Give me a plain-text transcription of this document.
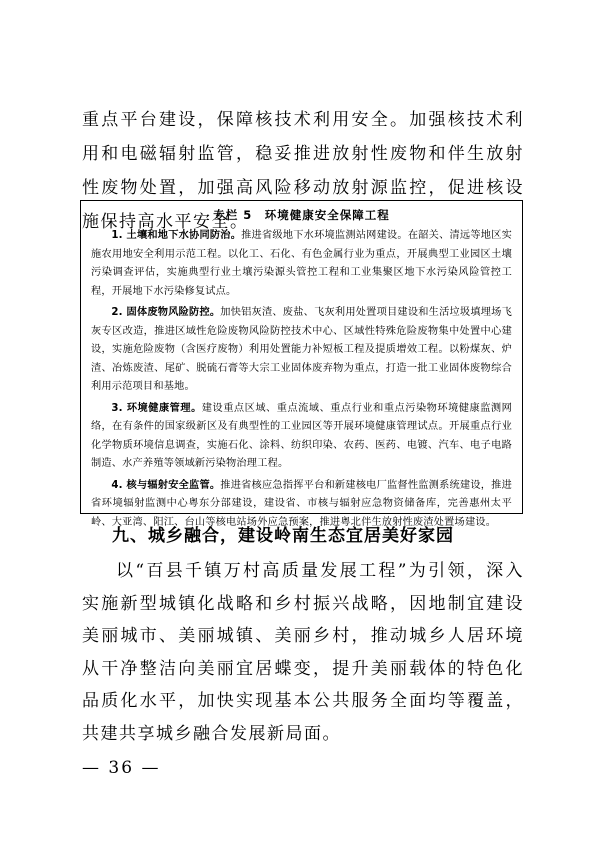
重点平台建设，保障核技术利用安全。加强核技术利用和电磁辐射监管，稳妥推进放射性废物和伴生放射性废物处置，加强高风险移动放射源监控，促进核设施保持高水平安全。

专栏 5　环境健康安全保障工程

1. 土壤和地下水协同防治。推进省级地下水环境监测站网建设。在韶关、清远等地区实施农用地安全利用示范工程。以化工、石化、有色金属行业为重点，开展典型工业园区土壤污染调查评估，实施典型行业土壤污染源头管控工程和工业集聚区地下水污染风险管控工程，开展地下水污染修复试点。

2. 固体废物风险防控。加快铝灰渣、废盐、飞灰利用处置项目建设和生活垃圾填埋场飞灰专区改造，推进区域性危险废物风险防控技术中心、区域性特殊危险废物集中处置中心建设，实施危险废物（含医疗废物）利用处置能力补短板工程及提质增效工程。以粉煤灰、炉渣、冶炼废渣、尾矿、脱硫石膏等大宗工业固体废弃物为重点，打造一批工业固体废物综合利用示范项目和基地。

3. 环境健康管理。建设重点区域、重点流域、重点行业和重点污染物环境健康监测网络，在有条件的国家级新区及有典型性的工业园区等开展环境健康管理试点。开展重点行业化学物质环境信息调查，实施石化、涂料、纺织印染、农药、医药、电镀、汽车、电子电路制造、水产养殖等领域新污染物治理工程。

4. 核与辐射安全监管。推进省核应急指挥平台和新建核电厂监督性监测系统建设，推进省环境辐射监测中心粤东分部建设，建设省、市核与辐射应急物资储备库，完善惠州太平岭、大亚湾、阳江、台山等核电站场外应急预案，推进粤北伴生放射性废渣处置场建设。

九、城乡融合，建设岭南生态宜居美好家园

以“百县千镇万村高质量发展工程”为引领，深入实施新型城镇化战略和乡村振兴战略，因地制宜建设美丽城市、美丽城镇、美丽乡村，推动城乡人居环境从干净整洁向美丽宜居蝶变，提升美丽载体的特色化品质化水平，加快实现基本公共服务全面均等覆盖，共建共享城乡融合发展新局面。

— 36 —
